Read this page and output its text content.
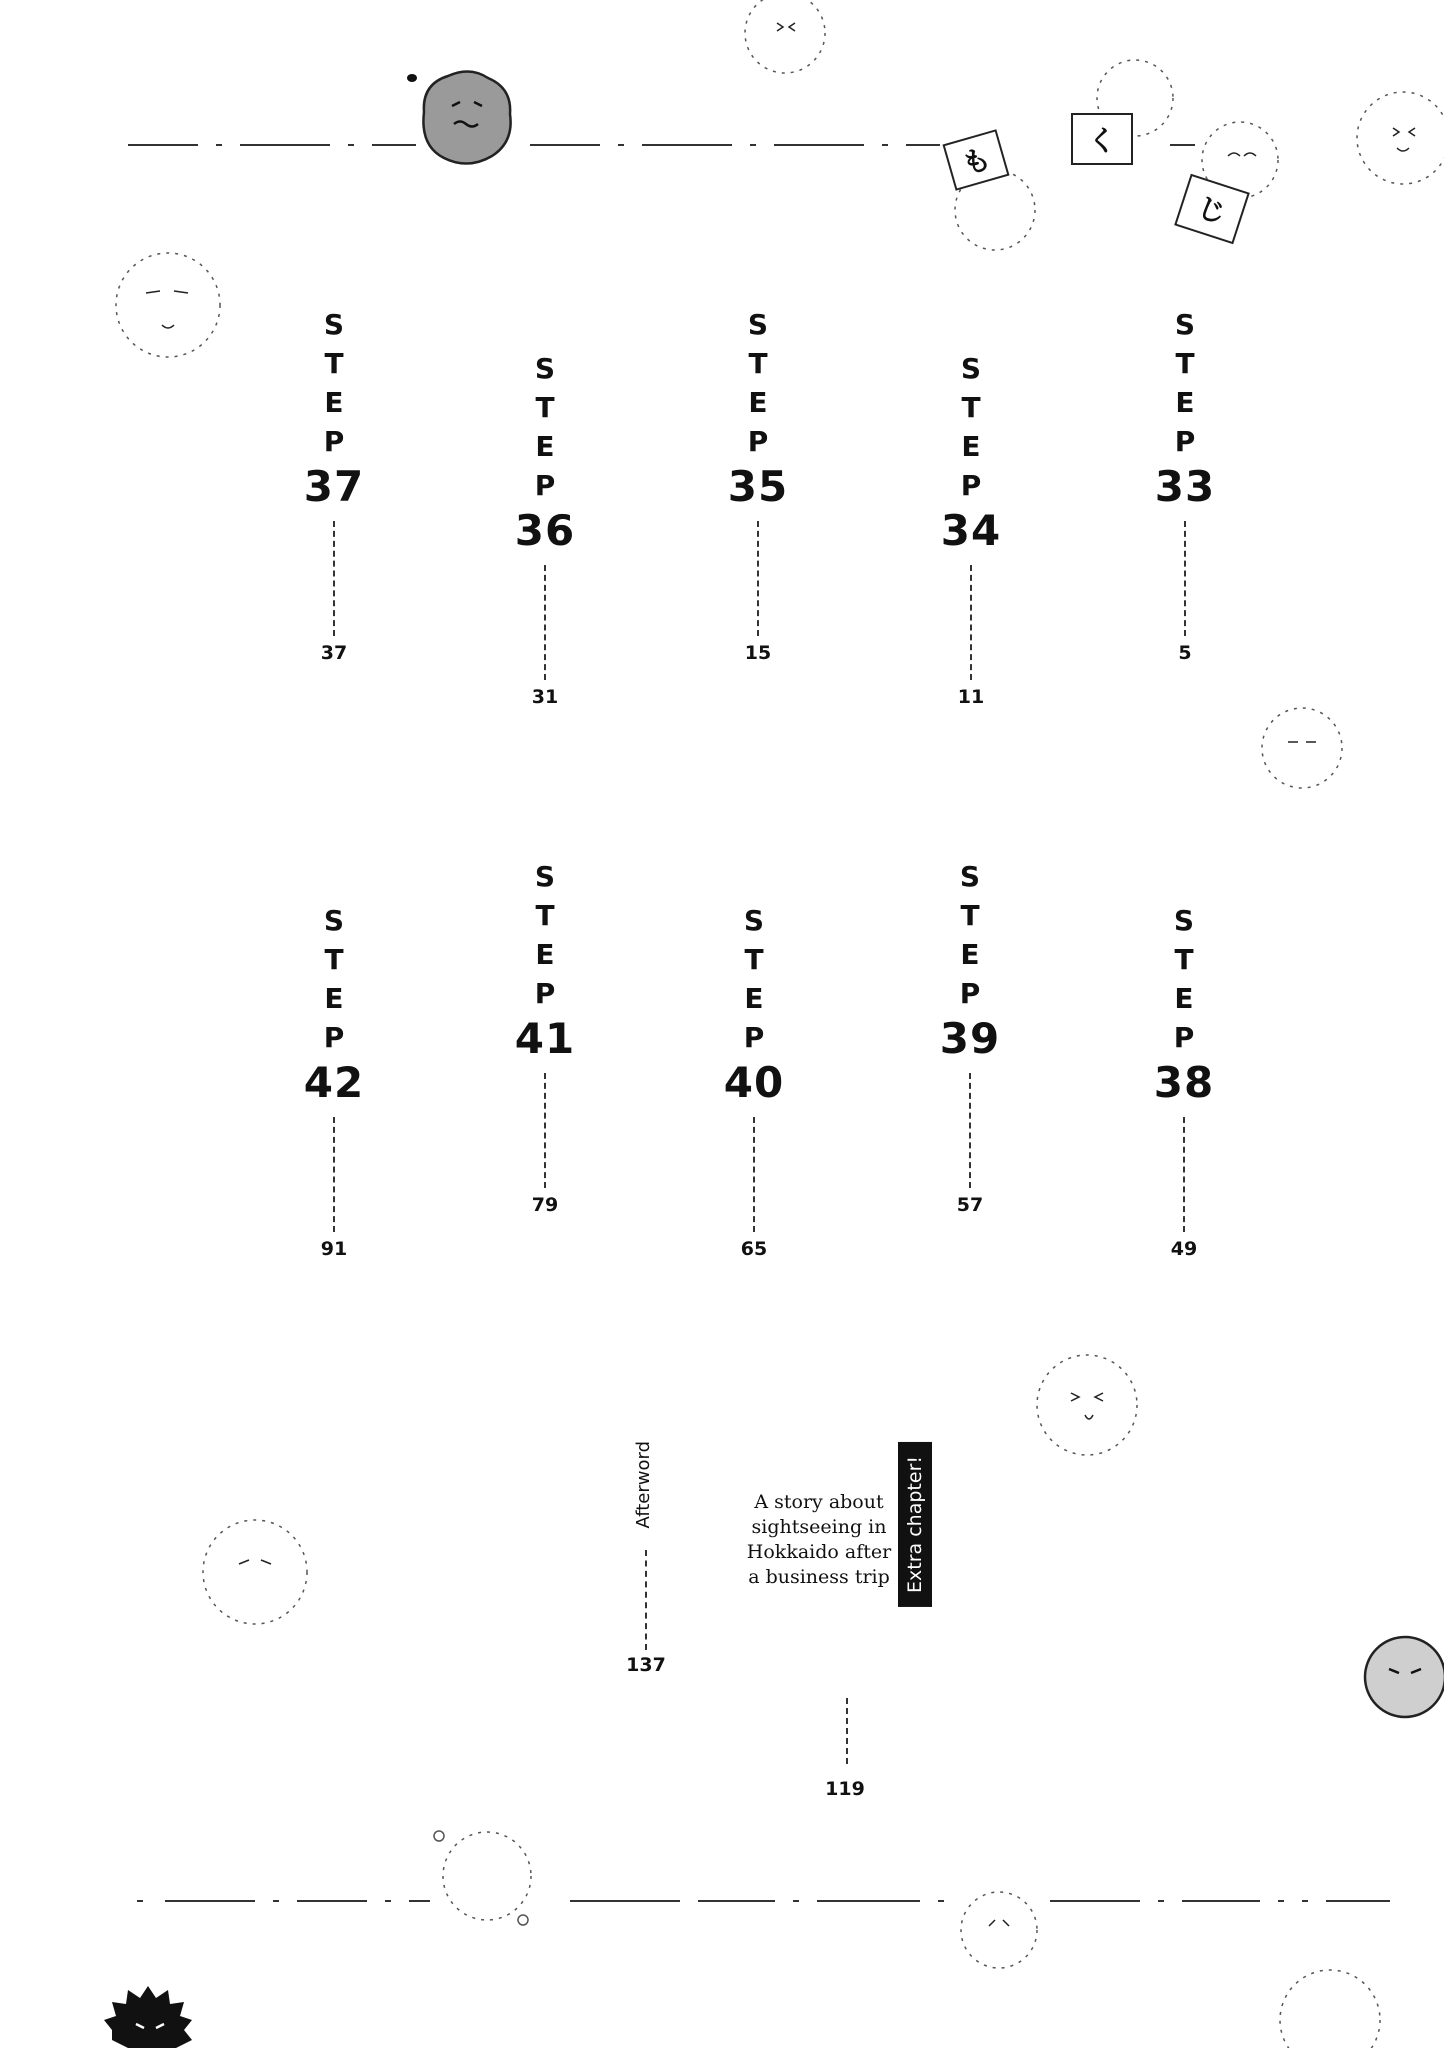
も
く
じ
S
T
E
P
37
37
S
T
E
P
36
31
S
T
E
P
35
15
S
T
E
P
34
11
S
T
E
P
33
5
S
T
E
P
42
91
S
T
E
P
41
79
S
T
E
P
40
65
S
T
E
P
39
57
S
T
E
P
38
49
Afterword
137
A story about
sightseeing in
Hokkaido after
a business trip Extra chapter!
119
